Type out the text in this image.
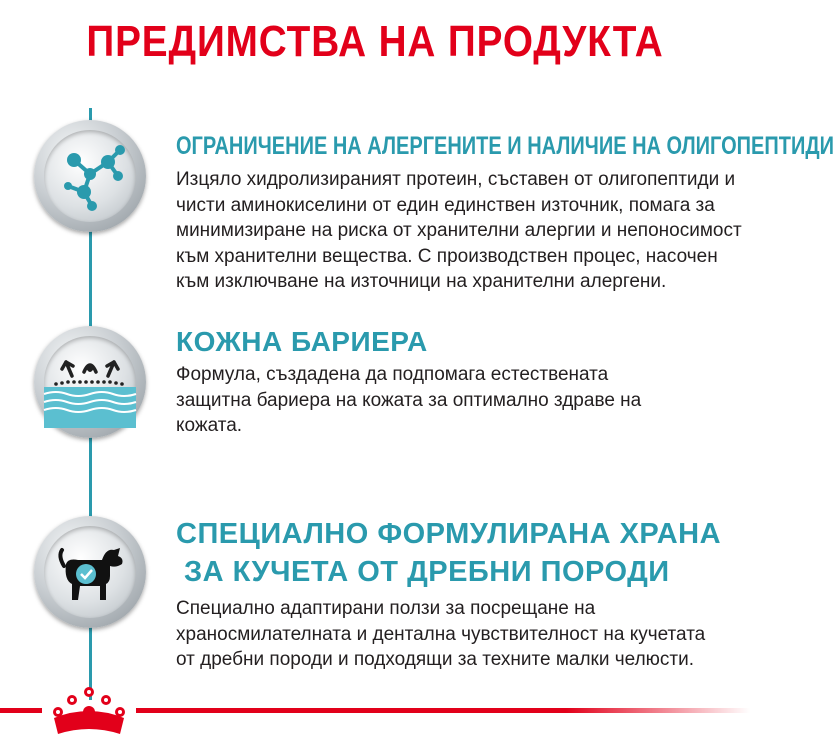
ПРЕДИМСТВА НА ПРОДУКТА
ОГРАНИЧЕНИЕ НА АЛЕРГЕНИТЕ И НАЛИЧИЕ НА ОЛИГОПЕПТИДИ
Изцяло хидролизираният протеин, съставен от олигопептиди и
чисти аминокиселини от един единствен източник, помага за
минимизиране на риска от хранителни алергии и непоносимост
към хранителни вещества. С производствен процес, насочен
към изключване на източници на хранителни алергени.
КОЖНА БАРИЕРА
Формула, създадена да подпомага естествената
защитна бариера на кожата за оптимално здраве на
кожата.
СПЕЦИАЛНО ФОРМУЛИРАНА ХРАНА
ЗА КУЧЕТА ОТ ДРЕБНИ ПОРОДИ
Специално адаптирани ползи за посрещане на
храносмилателната и дентална чувствителност на кучетата
от дребни породи и подходящи за техните малки челюсти.
